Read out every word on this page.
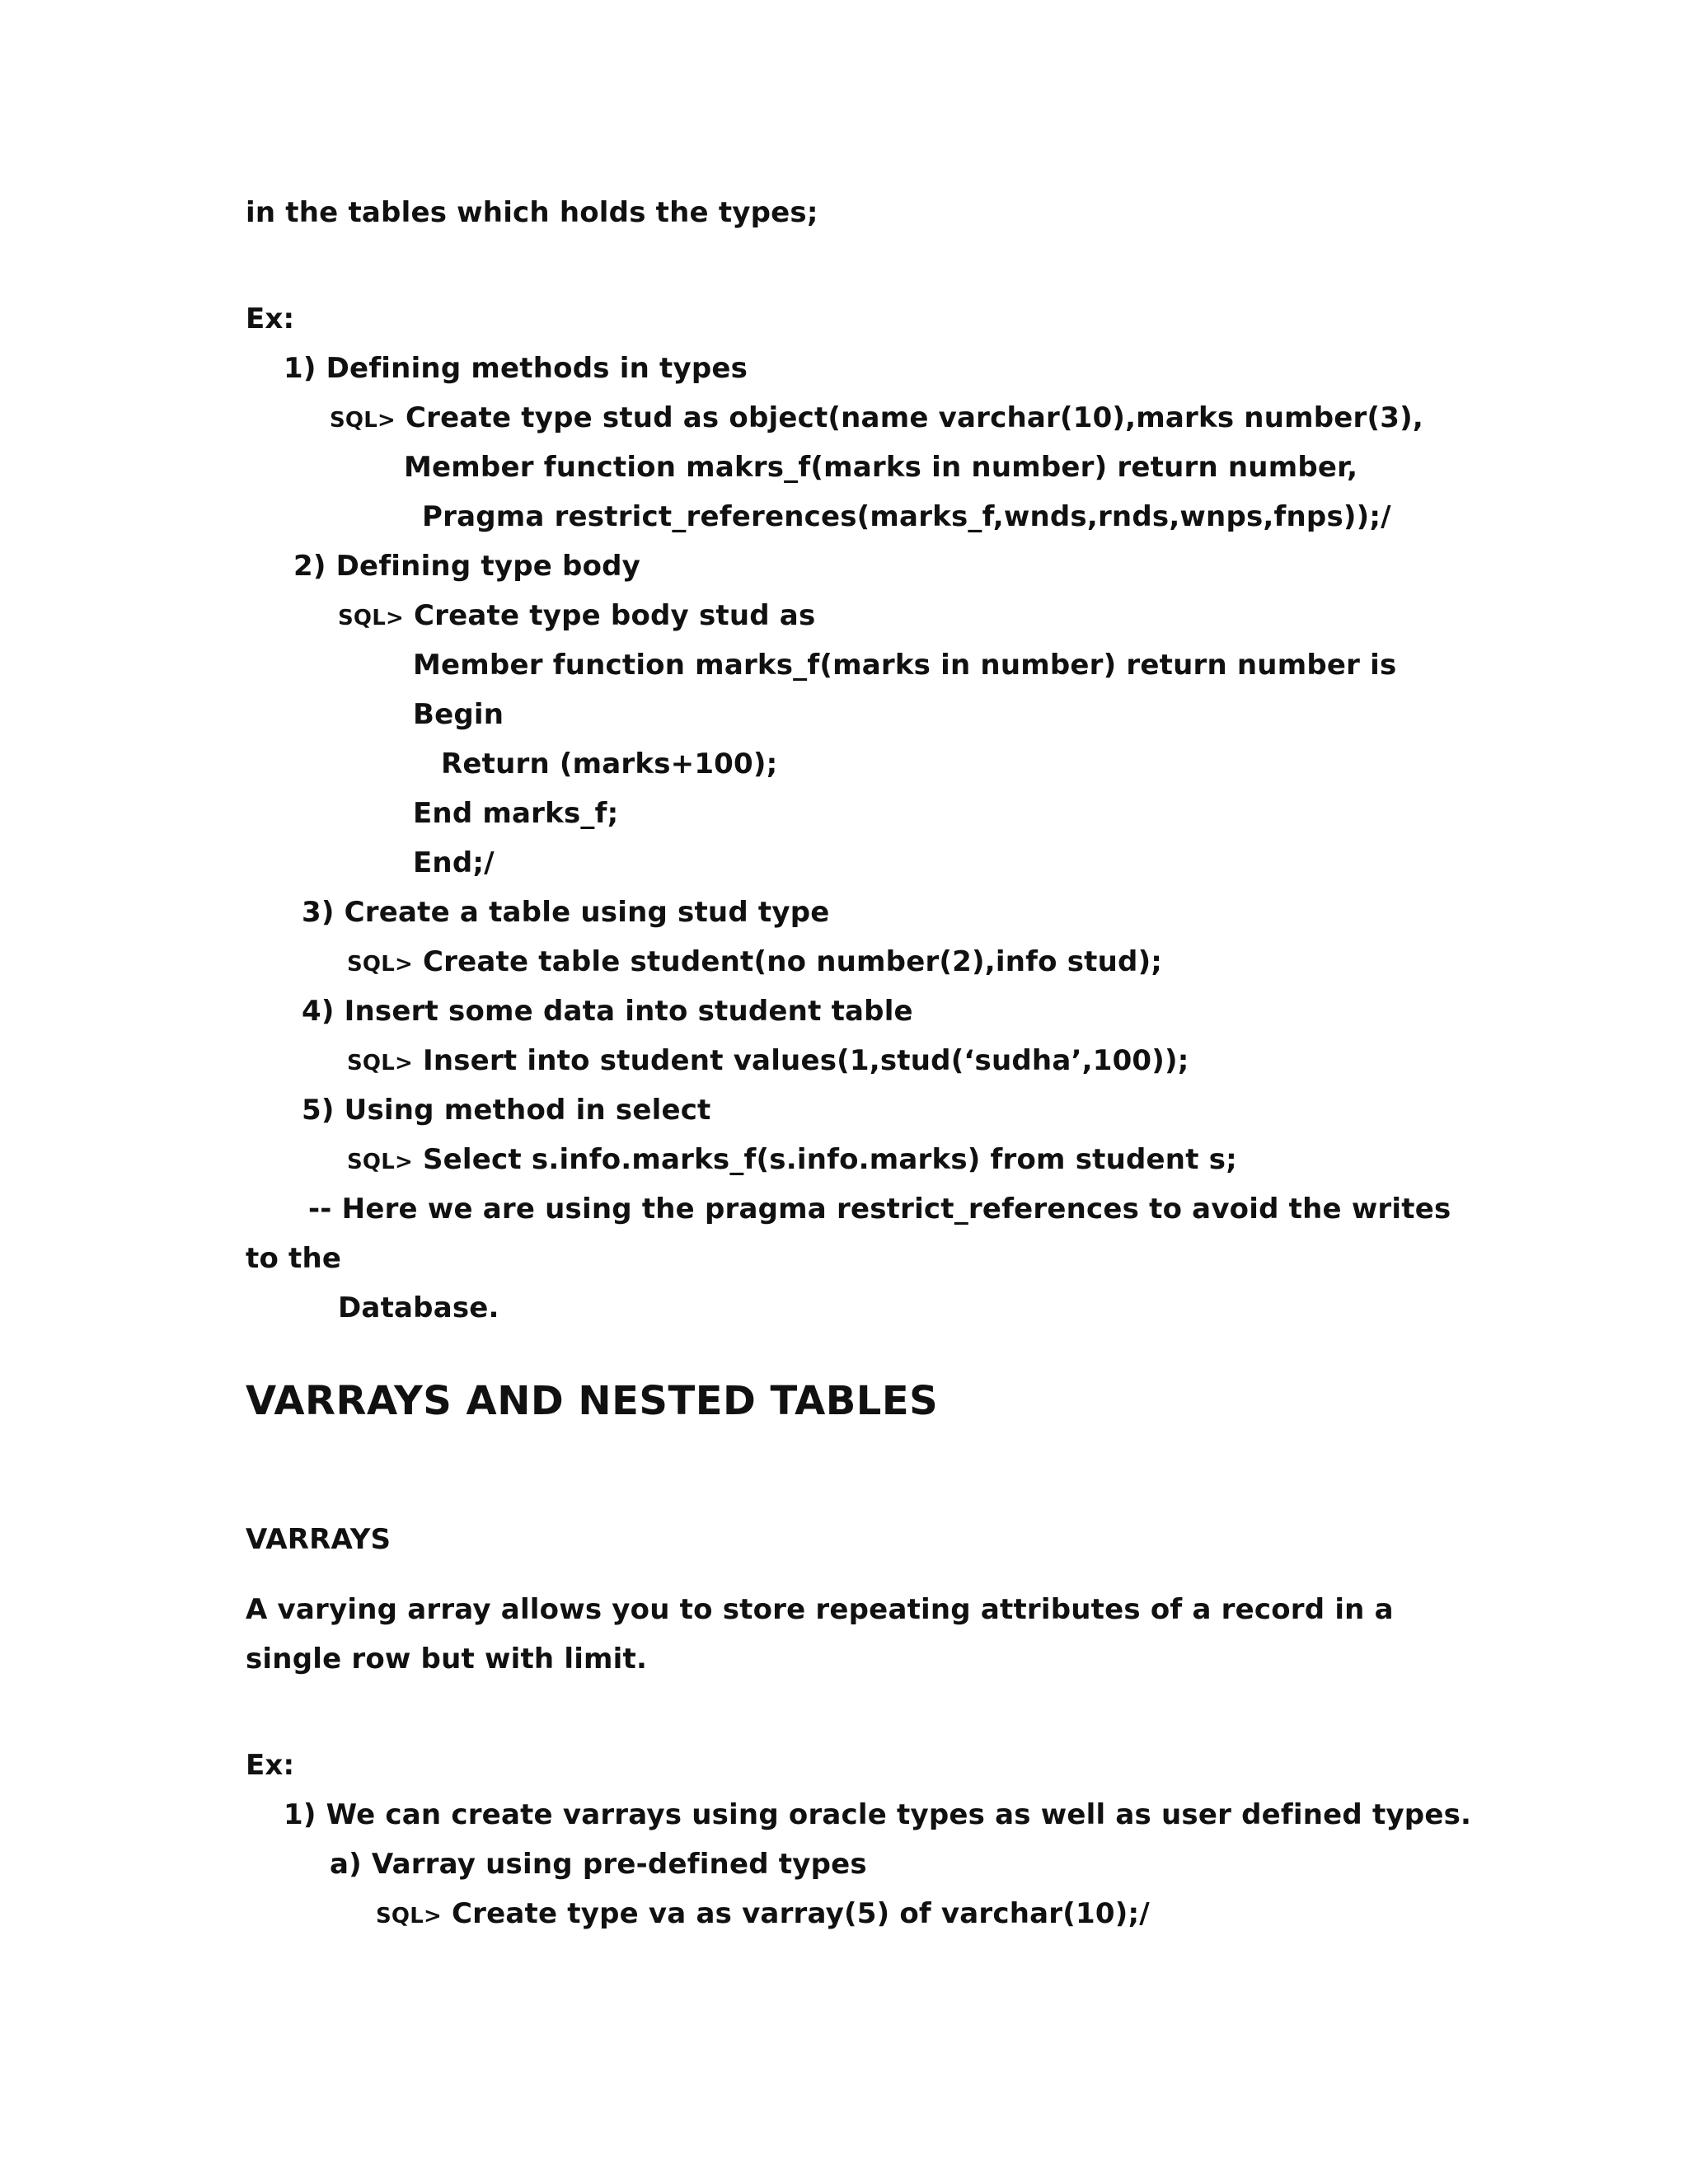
in the tables which holds the types;
Ex:
1) Defining methods in types
SQL> Create type stud as object(name varchar(10),marks number(3),
Member function makrs_f(marks in number) return number,
Pragma restrict_references(marks_f,wnds,rnds,wnps,fnps));/
2) Defining type body
SQL> Create type body stud as
Member function marks_f(marks in number) return number is
Begin
Return (marks+100);
End marks_f;
End;/
3) Create a table using stud type
SQL> Create table student(no number(2),info stud);
4) Insert some data into student table
SQL> Insert into student values(1,stud(‘sudha’,100));
5) Using method in select
SQL> Select s.info.marks_f(s.info.marks) from student s;
-- Here we are using the pragma restrict_references to avoid the writes
to the
Database.
VARRAYS AND NESTED TABLES
VARRAYS
A varying array allows you to store repeating attributes of a record in a
single row but with limit.
Ex:
1) We can create varrays using oracle types as well as user defined types.
a) Varray using pre-defined types
SQL> Create type va as varray(5) of varchar(10);/
